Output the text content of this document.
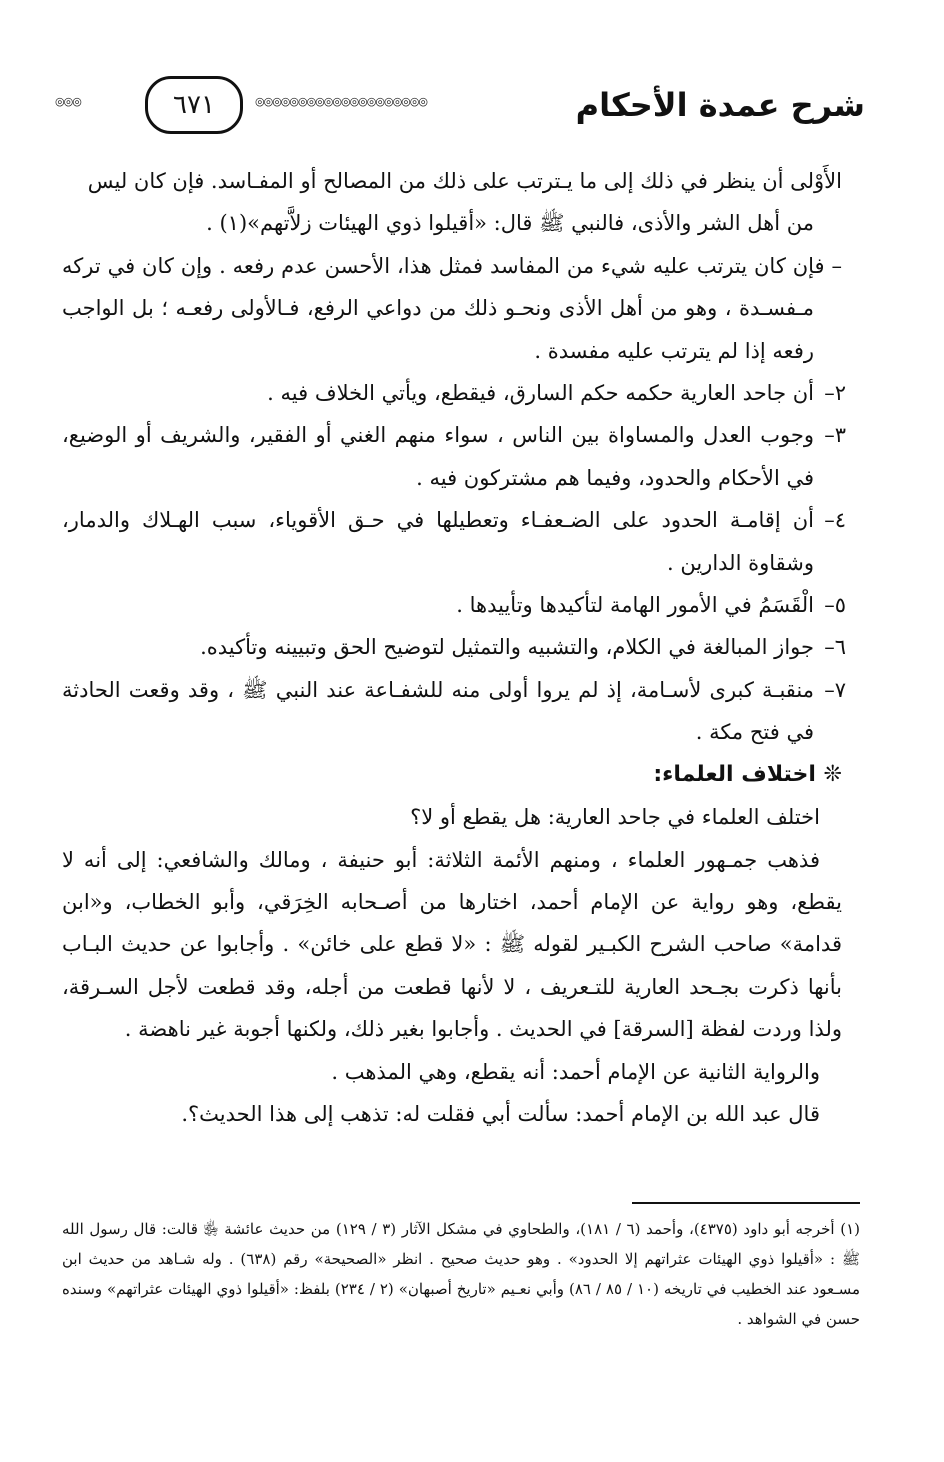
◎◎◎	٦٧١	◎◎◎◎◎◎◎◎◎◎◎◎◎◎◎◎◎◎◎◎	شرح عمدة الأحكام

الأَوْلى أن ينظر في ذلك إلى ما يـترتب على ذلك من المصالح أو المفـاسد. فإن كان ليس

من أهل الشر والأذى، فالنبي ﷺ قال: «أقيلوا ذوي الهيئات زلاَّتهم»(١) .

– فإن كان يترتب عليه شيء من المفاسد فمثل هذا، الأحسن عدم رفعه . وإن كان في تركه مـفسـدة ، وهو من أهل الأذى ونحـو ذلك من دواعي الرفع، فـالأولى رفعـه ؛ بل الواجب رفعه إذا لم يترتب عليه مفسدة .

٢–
أن جاحد العارية حكمه حكم السارق، فيقطع، ويأتي الخلاف فيه .

٣–
وجوب العدل والمساواة بين الناس ، سواء منهم الغني أو الفقير، والشريف أو الوضيع، في الأحكام والحدود، وفيما هم مشتركون فيه .

٤–
أن إقامـة الحدود على الضـعفـاء وتعطيلها في حـق الأقوياء، سبب الهـلاك والدمار، وشقاوة الدارين .

٥–
الْقَسَمُ في الأمور الهامة لتأكيدها وتأييدها .

٦–
جواز المبالغة في الكلام، والتشبيه والتمثيل لتوضيح الحق وتبيينه وتأكيده.

٧–
منقبـة كبرى لأسـامة، إذ لم يروا أولى منه للشفـاعة عند النبي ﷺ ، وقد وقعت الحادثة في فتح مكة .

❊ اختلاف العلماء:

اختلف العلماء في جاحد العارية: هل يقطع أو لا؟

فذهب جمـهور العلماء ، ومنهم الأئمة الثلاثة: أبو حنيفة ، ومالك والشافعي: إلى أنه لا يقطع، وهو رواية عن الإمام أحمد، اختارها من أصـحابه الخِرَقي، وأبو الخطاب، و«ابن قدامة» صاحب الشرح الكبـير لقوله ﷺ : «لا قطع على خائن» . وأجابوا عن حديث البـاب بأنها ذكرت بجـحد العارية للتـعريف ، لا لأنها قطعت من أجله، وقد قطعت لأجل السـرقة، ولذا وردت لفظة [السرقة] في الحديث . وأجابوا بغير ذلك، ولكنها أجوبة غير ناهضة .

والرواية الثانية عن الإمام أحمد: أنه يقطع، وهي المذهب .

قال عبد الله بن الإمام أحمد: سألت أبي فقلت له: تذهب إلى هذا الحديث؟.

(١) أخرجه أبو داود (٤٣٧٥)، وأحمد (٦ / ١٨١)، والطحاوي في مشكل الآثار (٣ / ١٢٩) من حديث عائشة ﵂ قالت: قال رسول الله ﷺ : «أقيلوا ذوي الهيئات عثراتهم إلا الحدود» . وهو حديث صحيح . انظر «الصحيحة» رقم (٦٣٨) . وله شـاهد من حديث ابن مسـعود عند الخطيب في تاريخه (١٠ / ٨٥ / ٨٦) وأبي نعـيم «تاريخ أصبهان» (٢ / ٢٣٤) بلفظ: «أقيلوا ذوي الهيئات عثراتهم» وسنده حسن في الشواهد .
